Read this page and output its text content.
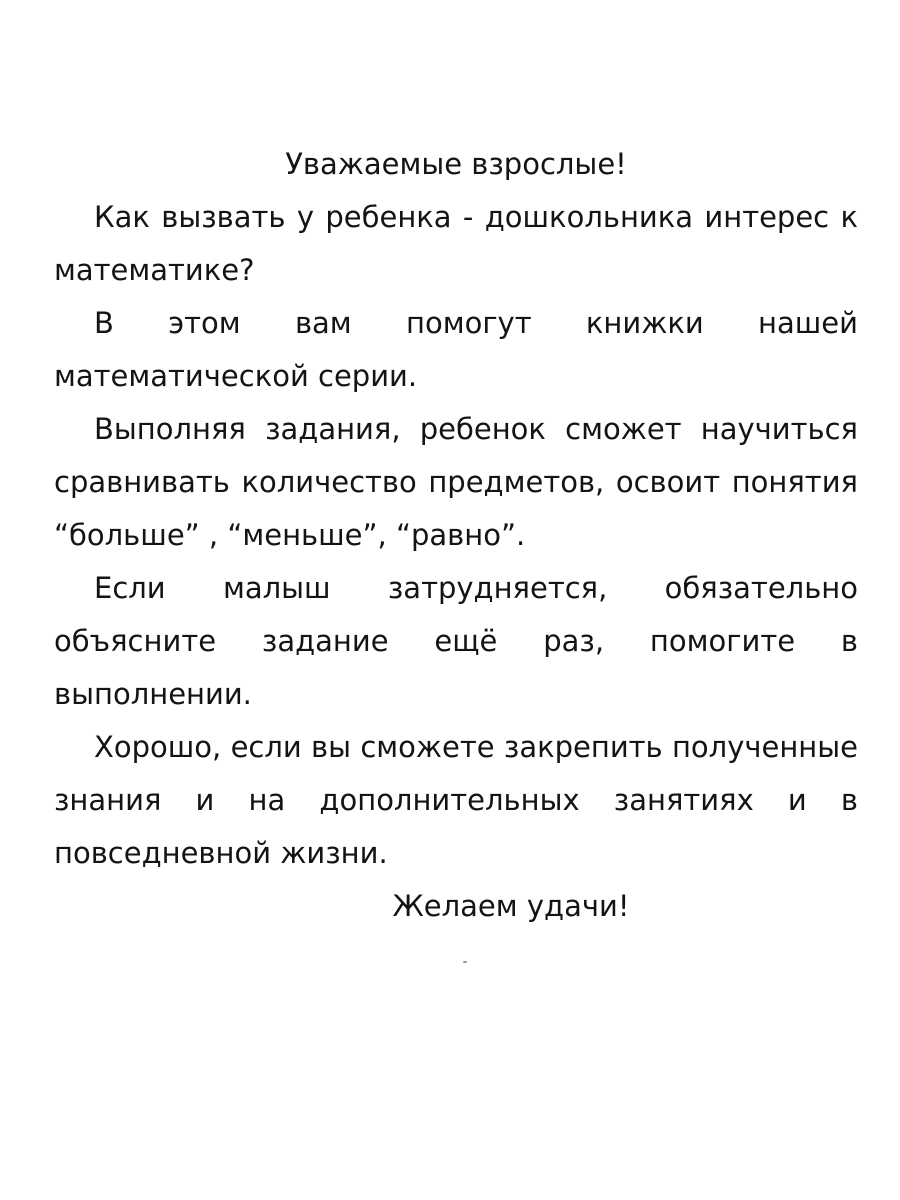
Уважаемые взрослые!

Как вызвать у ребенка - дошкольника интерес к математике?

В этом вам помогут книжки нашей математической серии.

Выполняя задания, ребенок сможет научиться сравнивать количество предметов, освоит понятия “больше” , “меньше”, “равно”.

Если малыш затрудняется, обязательно объясните задание ещё раз, помогите в выполнении.

Хорошо, если вы сможете закрепить полученные знания и на дополнительных занятиях и в повседневной жизни.

Желаем удачи!
